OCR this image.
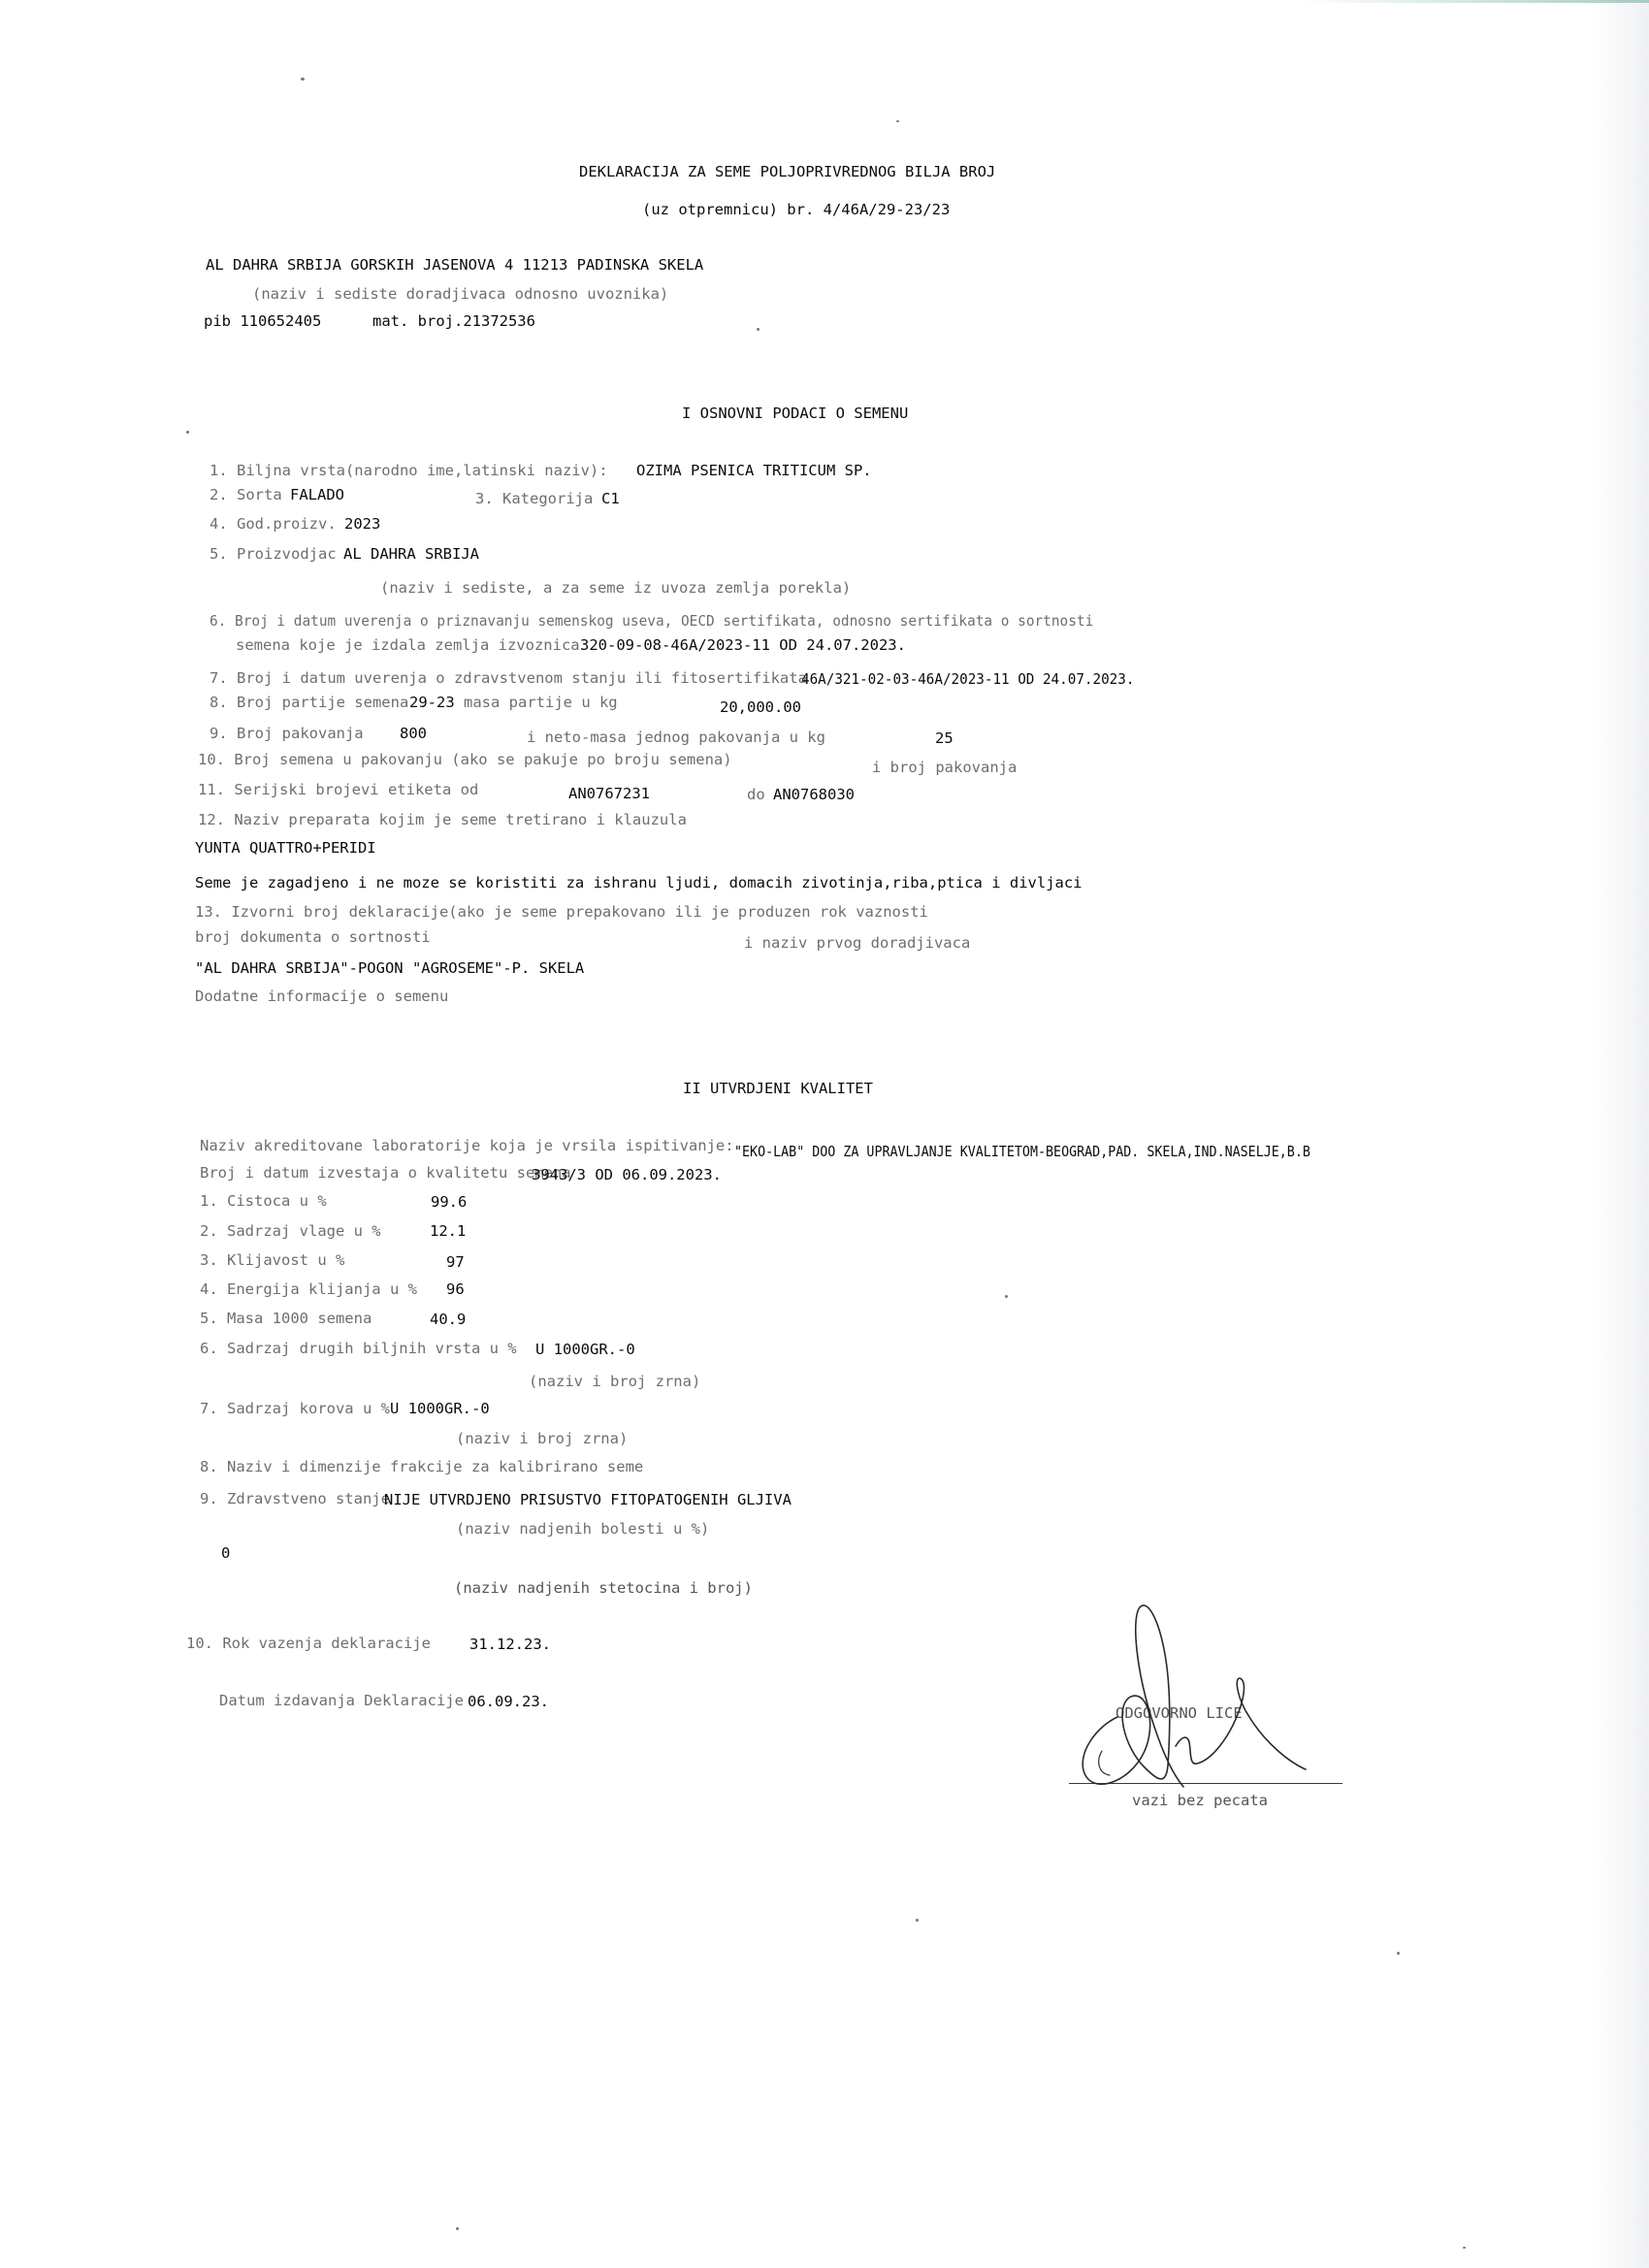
DEKLARACIJA ZA SEME POLJOPRIVREDNOG BILJA BROJ

(uz otpremnicu) br. 4/46A/29-23/23

AL DAHRA SRBIJA GORSKIH JASENOVA 4 11213 PADINSKA SKELA

(naziv i sediste doradjivaca odnosno uvoznika)

pib 110652405	mat. broj.21372536

I OSNOVNI PODACI O SEMENU

1. Biljna vrsta(narodno ime,latinski naziv): OZIMA PSENICA TRITICUM SP.

2. Sorta FALADO	3. Kategorija C1

4. God.proizv. 2023

5. Proizvodjac AL DAHRA SRBIJA

(naziv i sediste, a za seme iz uvoza zemlja porekla)

6. Broj i datum uverenja o priznavanju semenskog useva, OECD sertifikata, odnosno sertifikata o sortnosti

semena koje je izdala zemlja izvoznica 320-09-08-46A/2023-11 OD 24.07.2023.

7. Broj i datum uverenja o zdravstvenom stanju ili fitosertifikata

46A/321-02-03-46A/2023-11 OD 24.07.2023.

8. Broj partije semena 29-23 masa partije u kg	20,000.00

9. Broj pakovanja 800	i neto-masa jednog pakovanja u kg	25

10. Broj semena u pakovanju (ako se pakuje po broju semena)	i broj pakovanja

11. Serijski brojevi etiketa od	AN0767231	do AN0768030

12. Naziv preparata kojim je seme tretirano i klauzula

YUNTA QUATTRO+PERIDI

Seme je zagadjeno i ne moze se koristiti za ishranu ljudi, domacih zivotinja,riba,ptica i divljaci

13. Izvorni broj deklaracije(ako je seme prepakovano ili je produzen rok vaznosti

broj dokumenta o sortnosti	i naziv prvog doradjivaca

"AL DAHRA SRBIJA"-POGON "AGROSEME"-P. SKELA

Dodatne informacije o semenu

II UTVRDJENI KVALITET

Naziv akreditovane laboratorije koja je vrsila ispitivanje: "EKO-LAB" DOO ZA UPRAVLJANJE KVALITETOM-BEOGRAD,PAD. SKELA,IND.NASELJE,B.B

Broj i datum izvestaja o kvalitetu semena

3943/3 OD 06.09.2023.

1. Cistoca u %	99.6

2. Sadrzaj vlage u %	12.1

3. Klijavost u %	97

4. Energija klijanja u % 96

5. Masa 1000 semena	40.9

6. Sadrzaj drugih biljnih vrsta u % U 1000GR.-0

(naziv i broj zrna)

7. Sadrzaj korova u % U 1000GR.-0

(naziv i broj zrna)

8. Naziv i dimenzije frakcije za kalibrirano seme

9. Zdravstveno stanje

NIJE UTVRDJENO PRISUSTVO FITOPATOGENIH GLJIVA

(naziv nadjenih bolesti u %)

0

(naziv nadjenih stetocina i broj)

10. Rok vazenja deklaracije	31.12.23.

Datum izdavanja Deklaracije 06.09.23.

ODGOVORNO LICE

vazi bez pecata
